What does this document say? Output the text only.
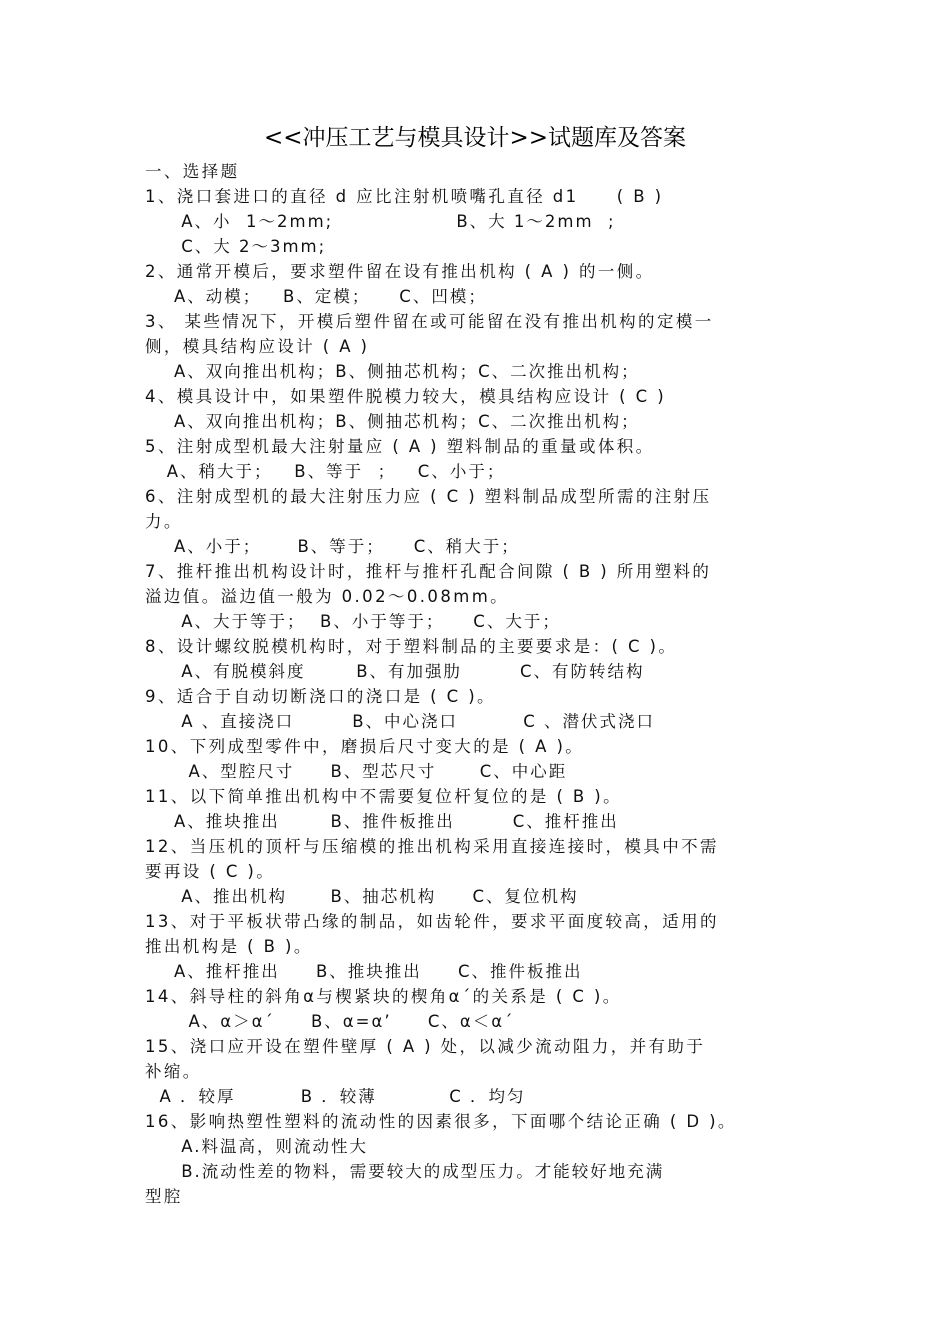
<<冲压工艺与模具设计>>试题库及答案
一、选择题
1、浇口套进口的直径 d 应比注射机喷嘴孔直径 d1     ( B )
A、小  1～2mm;                 B、大 1～2mm  ;
C、大 2～3mm;
2、通常开模后，要求塑件留在设有推出机构 ( A ) 的一侧。
A、动模；   B、定模；    C、凹模；
3、 某些情况下，开模后塑件留在或可能留在没有推出机构的定模一
侧，模具结构应设计 ( A )
A、双向推出机构；B、侧抽芯机构；C、二次推出机构；
4、模具设计中，如果塑件脱模力较大，模具结构应设计 ( C )
A、双向推出机构；B、侧抽芯机构；C、二次推出机构；
5、注射成型机最大注射量应 ( A ) 塑料制品的重量或体积。
A、稍大于；   B、等于  ；   C、小于；
6、注射成型机的最大注射压力应 ( C ) 塑料制品成型所需的注射压
力。
A、小于；     B、等于；    C、稍大于；
7、推杆推出机构设计时，推杆与推杆孔配合间隙 ( B ) 所用塑料的
溢边值。溢边值一般为 0.02～0.08mm。
A、大于等于；  B、小于等于；    C、大于；
8、设计螺纹脱模机构时，对于塑料制品的主要要求是：( C )。
A、有脱模斜度       B、有加强肋        C、有防转结构
9、适合于自动切断浇口的浇口是 ( C )。
A 、直接浇口        B、中心浇口         C 、潜伏式浇口
10、下列成型零件中，磨损后尺寸变大的是 ( A )。
A、型腔尺寸     B、型芯尺寸      C、中心距
11、以下简单推出机构中不需要复位杆复位的是 ( B )。
A、推块推出       B、推件板推出        C、推杆推出
12、当压机的顶杆与压缩模的推出机构采用直接连接时，模具中不需
要再设 ( C )。
A、推出机构      B、抽芯机构     C、复位机构
13、对于平板状带凸缘的制品，如齿轮件，要求平面度较高，适用的
推出机构是 ( B )。
A、推杆推出     B、推块推出     C、推件板推出
14、斜导柱的斜角α与楔紧块的楔角α´的关系是 ( C )。
A、α＞α´     B、α=α’     C、α＜α´
15、浇口应开设在塑件壁厚 ( A ) 处，以减少流动阻力，并有助于
补缩。
A ．较厚         B ．较薄          C ．均匀
16、影响热塑性塑料的流动性的因素很多，下面哪个结论正确 ( D )。
A.料温高，则流动性大
B.流动性差的物料，需要较大的成型压力。才能较好地充满
型腔
